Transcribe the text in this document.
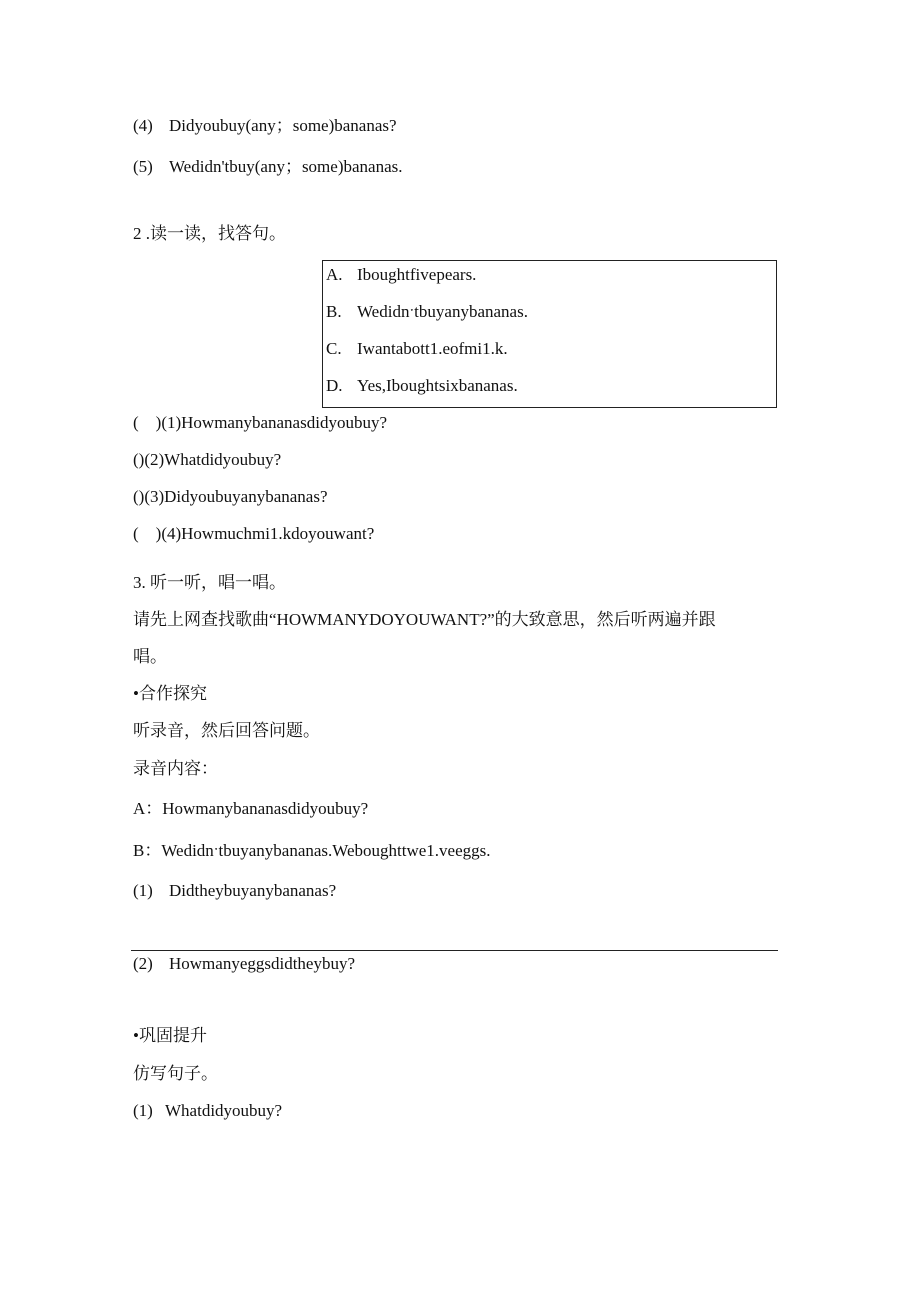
(4) Didyoubuy(any；some)bananas?
(5) Wedidn'tbuy(any；some)bananas.
2 .读一读，找答句。
A. Iboughtfivepears.
B. Wedidnˑtbuyanybananas.
C. Iwantabott1.eofmi1.k.
D. Yes,Iboughtsixbananas.
(    )(1)Howmanybananasdidyoubuy?
()(2)Whatdidyoubuy?
()(3)Didyoubuyanybananas?
(    )(4)Howmuchmi1.kdoyouwant?
3. 听一听，唱一唱。
请先上网查找歌曲“HOWMANYDOYOUWANT?”的大致意思，然后听两遍并跟
唱。
•合作探究
听录音，然后回答问题。
录音内容：
A：Howmanybananasdidyoubuy?
B：Wedidnˑtbuyanybananas.Weboughttwe1.veeggs.
(1) Didtheybuyanybananas?
(2) Howmanyeggsdidtheybuy?
•巩固提升
仿写句子。
(1) Whatdidyoubuy?
